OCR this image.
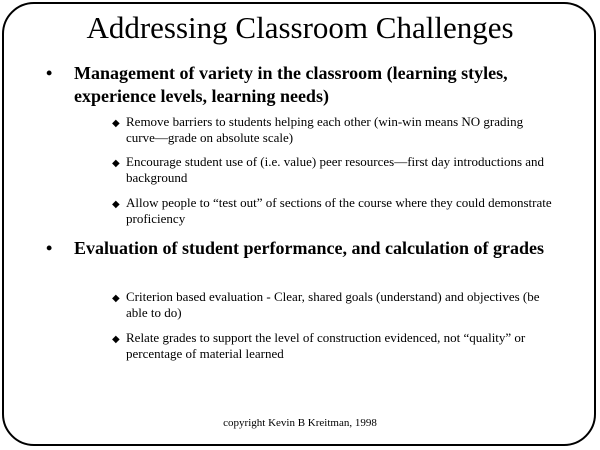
Addressing Classroom Challenges
•	Management of variety in the classroom (learning styles, experience levels, learning needs)
◆ Remove barriers to students helping each other (win-win means NO grading curve—grade on absolute scale)
◆ Encourage student use of (i.e. value) peer resources—first day introductions and background
◆ Allow people to “test out” of sections of the course where they could demonstrate proficiency
•	Evaluation of student performance, and calculation of grades
◆ Criterion based evaluation - Clear, shared goals (understand) and objectives (be able to do)
◆ Relate grades to support the level of construction evidenced, not “quality” or percentage of material learned
copyright Kevin B Kreitman, 1998
